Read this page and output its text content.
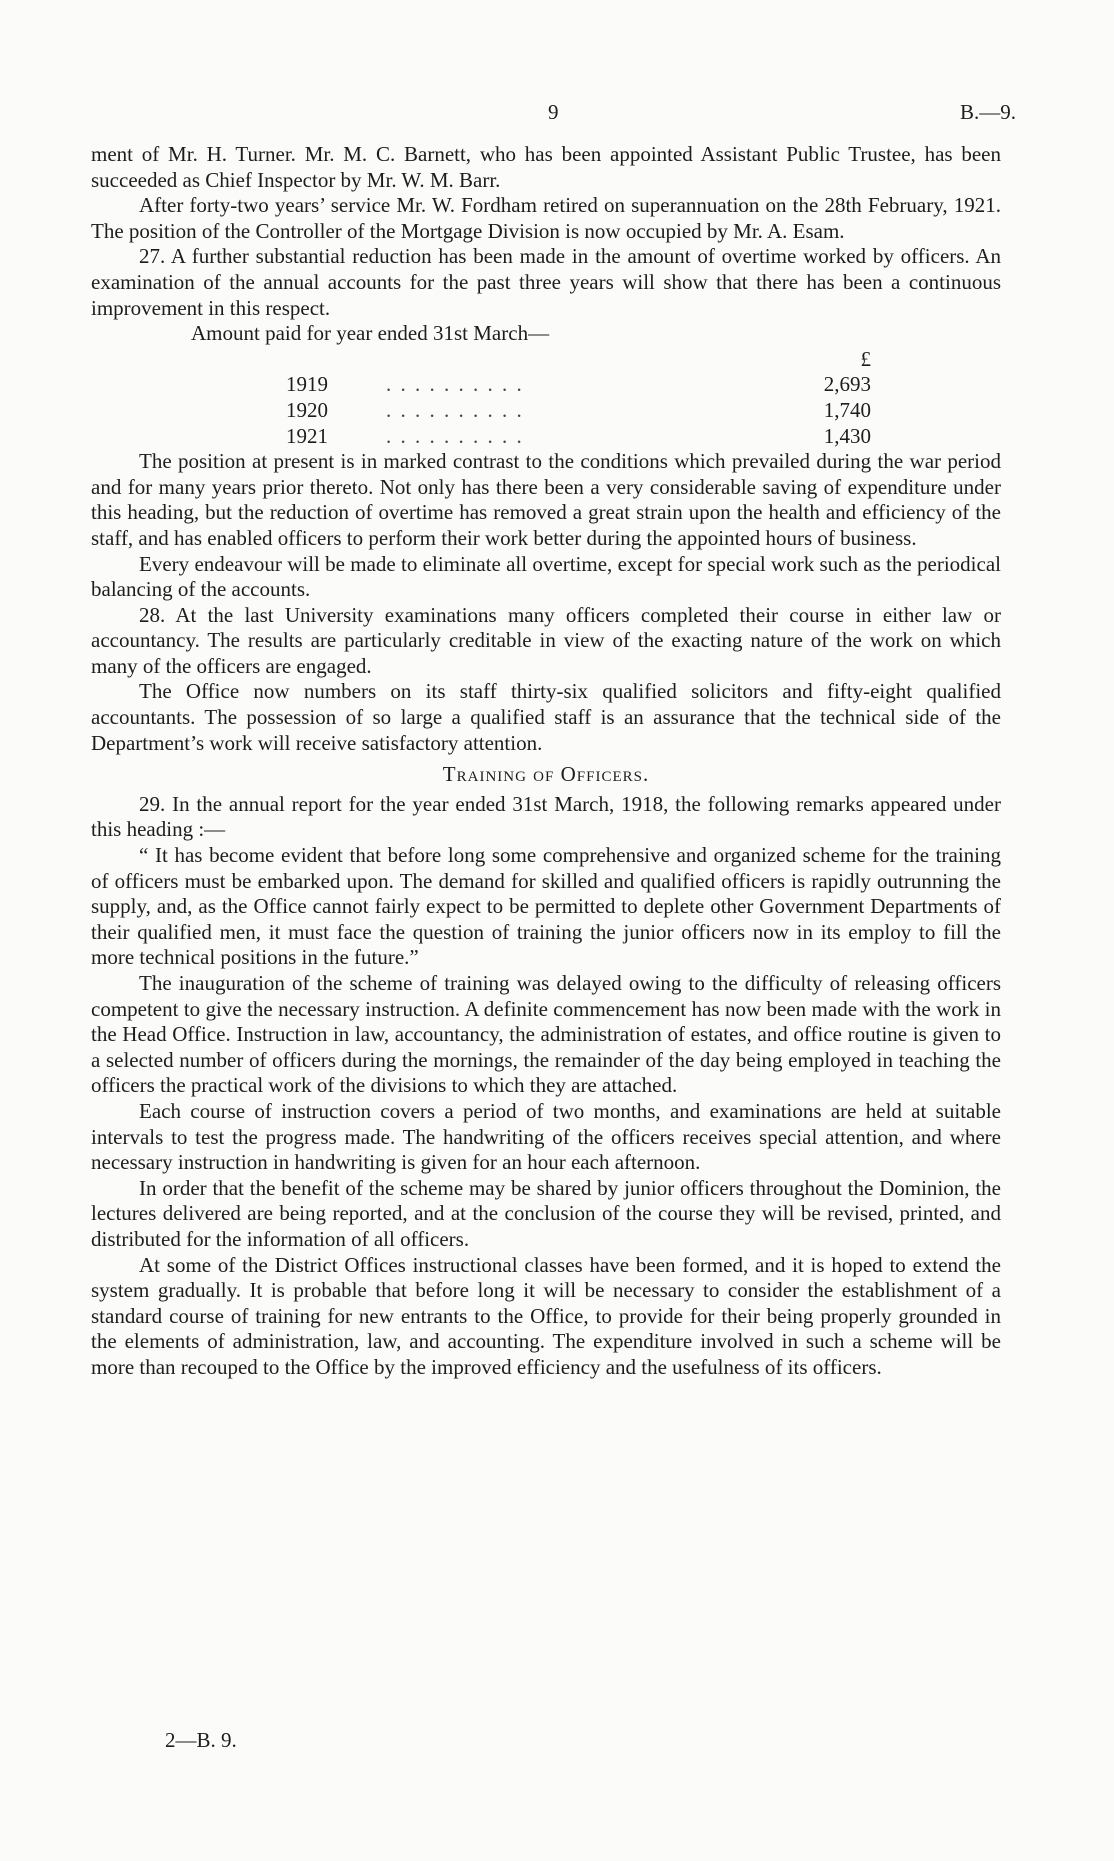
9	B.—9.

ment of Mr. H. Turner. Mr. M. C. Barnett, who has been appointed Assistant Public Trustee, has been succeeded as Chief Inspector by Mr. W. M. Barr.

After forty-two years’ service Mr. W. Fordham retired on superannuation on the 28th February, 1921. The position of the Controller of the Mortgage Division is now occupied by Mr. A. Esam.

27. A further substantial reduction has been made in the amount of overtime worked by officers. An examination of the annual accounts for the past three years will show that there has been a continuous improvement in this respect.

Amount paid for year ended 31st March—
		£
1919	. . . . . . . . . .	2,693
1920	. . . . . . . . . .	1,740
1921	. . . . . . . . . .	1,430

The position at present is in marked contrast to the conditions which prevailed during the war period and for many years prior thereto. Not only has there been a very considerable saving of expenditure under this heading, but the reduction of overtime has removed a great strain upon the health and efficiency of the staff, and has enabled officers to perform their work better during the appointed hours of business.

Every endeavour will be made to eliminate all overtime, except for special work such as the periodical balancing of the accounts.

28. At the last University examinations many officers completed their course in either law or accountancy. The results are particularly creditable in view of the exacting nature of the work on which many of the officers are engaged.

The Office now numbers on its staff thirty-six qualified solicitors and fifty-eight qualified accountants. The possession of so large a qualified staff is an assurance that the technical side of the Department’s work will receive satisfactory attention.

Training of Officers.

29. In the annual report for the year ended 31st March, 1918, the following remarks appeared under this heading :—

“ It has become evident that before long some comprehensive and organized scheme for the training of officers must be embarked upon. The demand for skilled and qualified officers is rapidly outrunning the supply, and, as the Office cannot fairly expect to be permitted to deplete other Government Departments of their qualified men, it must face the question of training the junior officers now in its employ to fill the more technical positions in the future.”

The inauguration of the scheme of training was delayed owing to the difficulty of releasing officers competent to give the necessary instruction. A definite commencement has now been made with the work in the Head Office. Instruction in law, accountancy, the administration of estates, and office routine is given to a selected number of officers during the mornings, the remainder of the day being employed in teaching the officers the practical work of the divisions to which they are attached.

Each course of instruction covers a period of two months, and examinations are held at suitable intervals to test the progress made. The handwriting of the officers receives special attention, and where necessary instruction in handwriting is given for an hour each afternoon.

In order that the benefit of the scheme may be shared by junior officers throughout the Dominion, the lectures delivered are being reported, and at the conclusion of the course they will be revised, printed, and distributed for the information of all officers.

At some of the District Offices instructional classes have been formed, and it is hoped to extend the system gradually. It is probable that before long it will be necessary to consider the establishment of a standard course of training for new entrants to the Office, to provide for their being properly grounded in the elements of administration, law, and accounting. The expenditure involved in such a scheme will be more than recouped to the Office by the improved efficiency and the usefulness of its officers.

2—B. 9.
